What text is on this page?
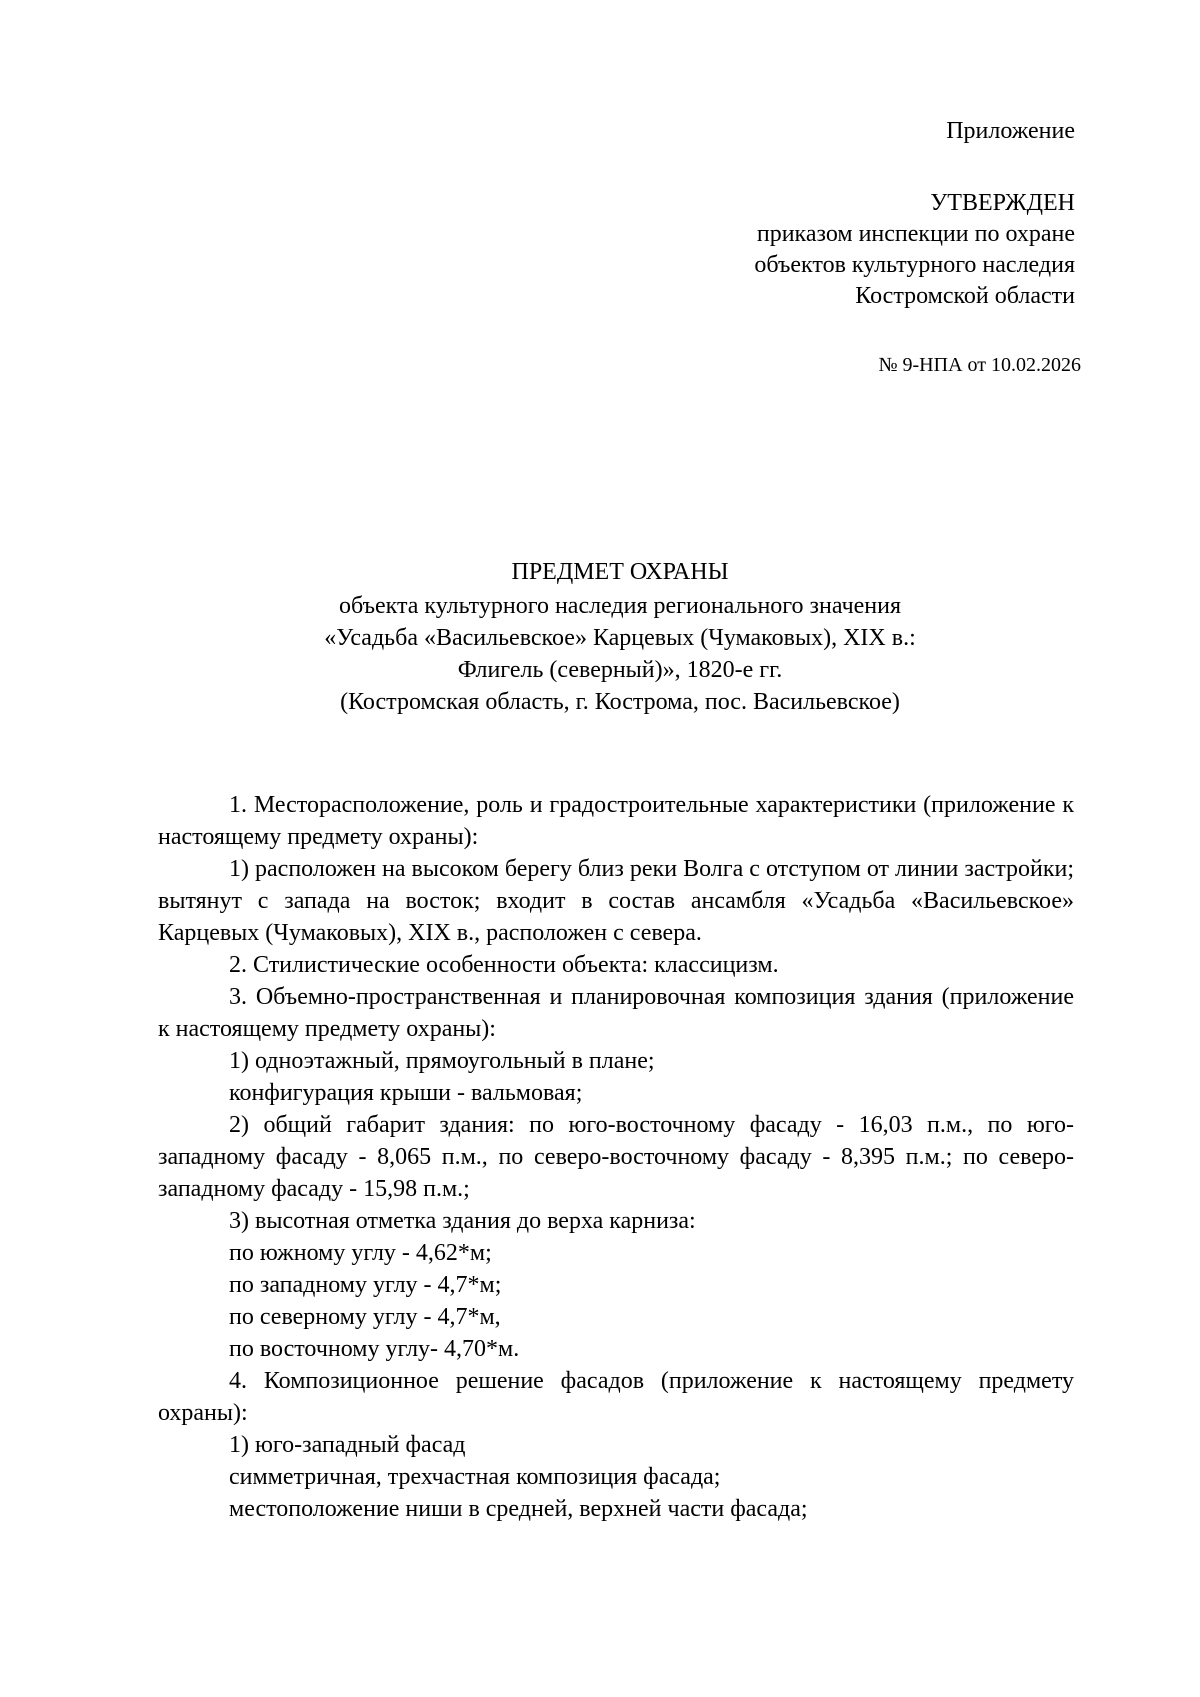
Приложение
УТВЕРЖДЕН
приказом инспекции по охране
объектов культурного наследия
Костромской области
№ 9-НПА от 10.02.2026
ПРЕДМЕТ ОХРАНЫ
объекта культурного наследия регионального значения
«Усадьба «Васильевское» Карцевых (Чумаковых), XIX в.:
Флигель (северный)», 1820-е гг.
(Костромская область, г. Кострома, пос. Васильевское)

1. Месторасположение, роль и градостроительные характеристики (приложение к настоящему предмету охраны):

1) расположен на высоком берегу близ реки Волга с отступом от линии застройки; вытянут с запада на восток; входит в состав ансамбля «Усадьба «Васильевское» Карцевых (Чумаковых), XIX в., расположен с севера.

2. Стилистические особенности объекта: классицизм.

3. Объемно-пространственная и планировочная композиция здания (приложение к настоящему предмету охраны):

1) одноэтажный, прямоугольный в плане;

конфигурация крыши - вальмовая;

2) общий габарит здания: по юго-восточному фасаду - 16,03 п.м., по юго-западному фасаду - 8,065 п.м., по северо-восточному фасаду - 8,395 п.м.; по северо-западному фасаду - 15,98 п.м.;

3) высотная отметка здания до верха карниза:

по южному углу - 4,62*м;

по западному углу - 4,7*м;

по северному углу - 4,7*м,

по восточному углу- 4,70*м.

4. Композиционное решение фасадов (приложение к настоящему предмету охраны):

1) юго-западный фасад

симметричная, трехчастная композиция фасада;

местоположение ниши в средней, верхней части фасада;
